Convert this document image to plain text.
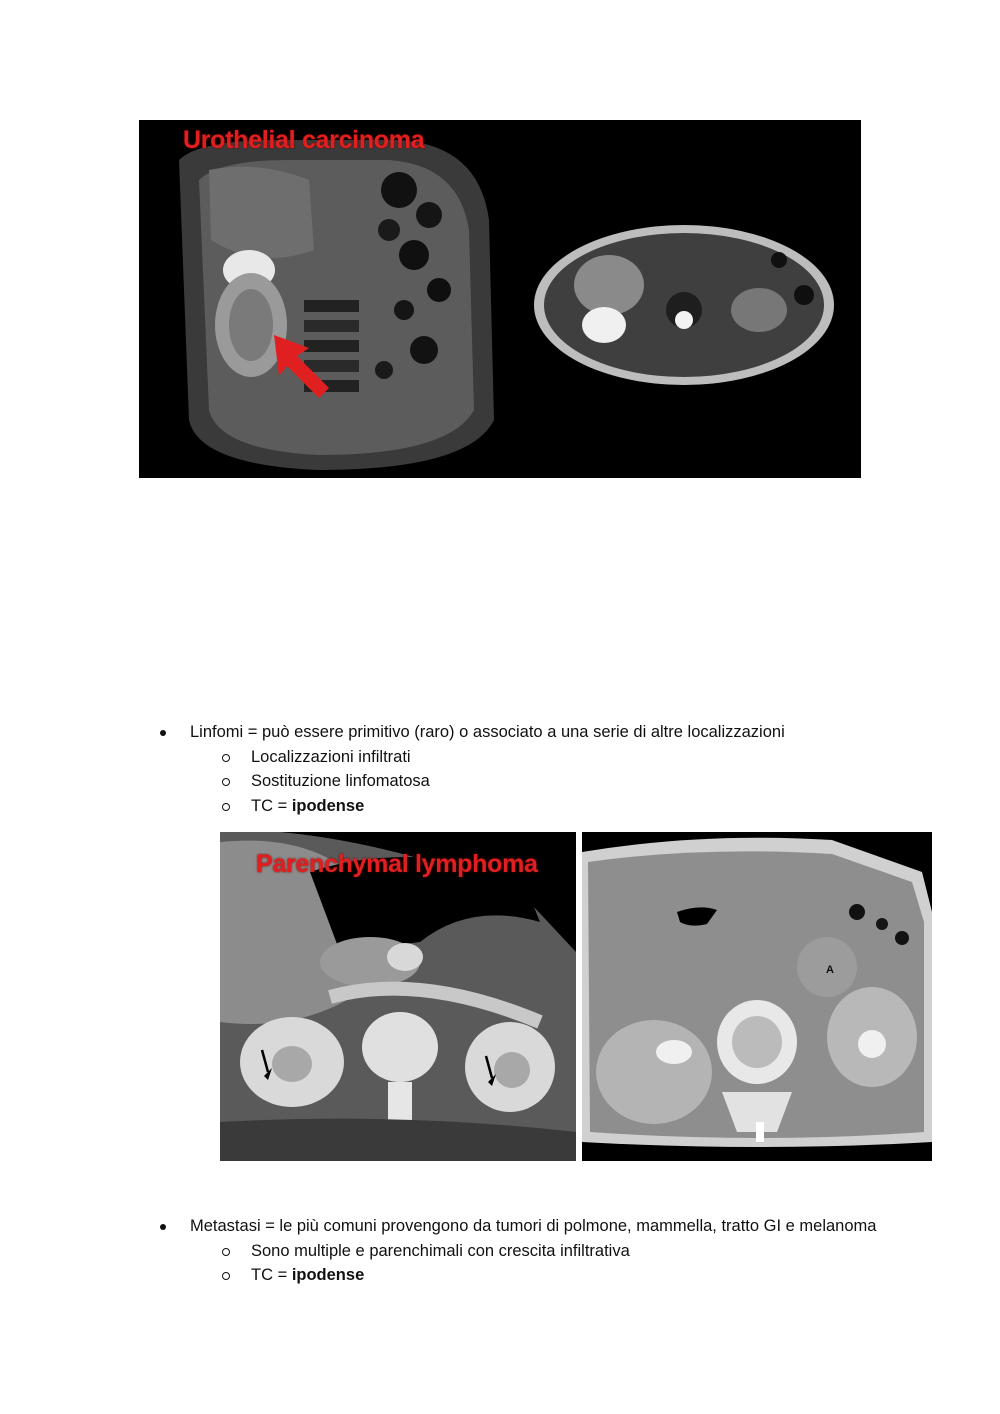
Urothelial carcinoma
Linfomi = può essere primitivo (raro) o associato a una serie di altre localizzazioni
Localizzazioni infiltrati
Sostituzione linfomatosa
TC = ipodense
Parenchymal lymphoma
A
Metastasi = le più comuni provengono da tumori di polmone, mammella, tratto GI e melanoma
Sono multiple e parenchimali con crescita infiltrativa
TC = ipodense
